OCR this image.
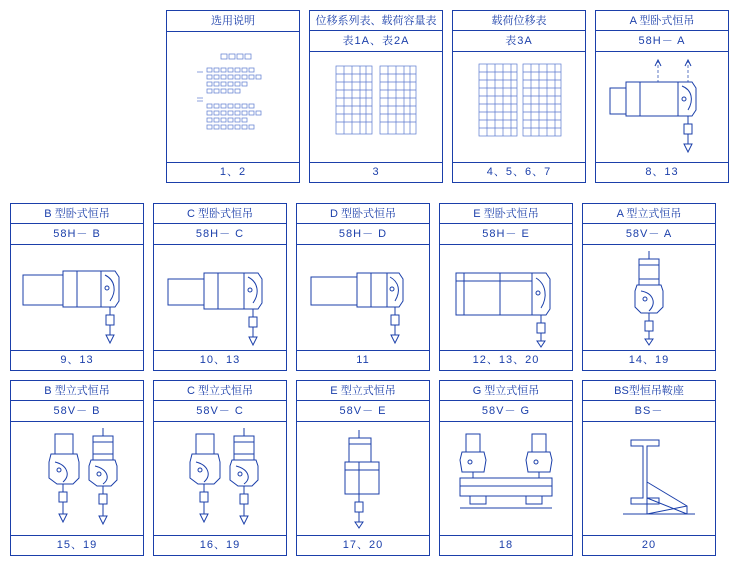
选用说明
1、2
位移系列表、载荷容量表
表1A、表2A
3
载荷位移表
表3A
4、5、6、7
A 型卧式恒吊
58H－ A
8、13
B 型卧式恒吊
58H－ B
9、13
C 型卧式恒吊
58H－ C
10、13
D 型卧式恒吊
58H－ D
11
E 型卧式恒吊
58H－ E
12、13、20
A 型立式恒吊
58V－ A
14、19
B 型立式恒吊
58V－ B
15、19
C 型立式恒吊
58V－ C
16、19
E 型立式恒吊
58V－ E
17、20
G 型立式恒吊
58V－ G
18
BS型恒吊鞍座
BS－
20
